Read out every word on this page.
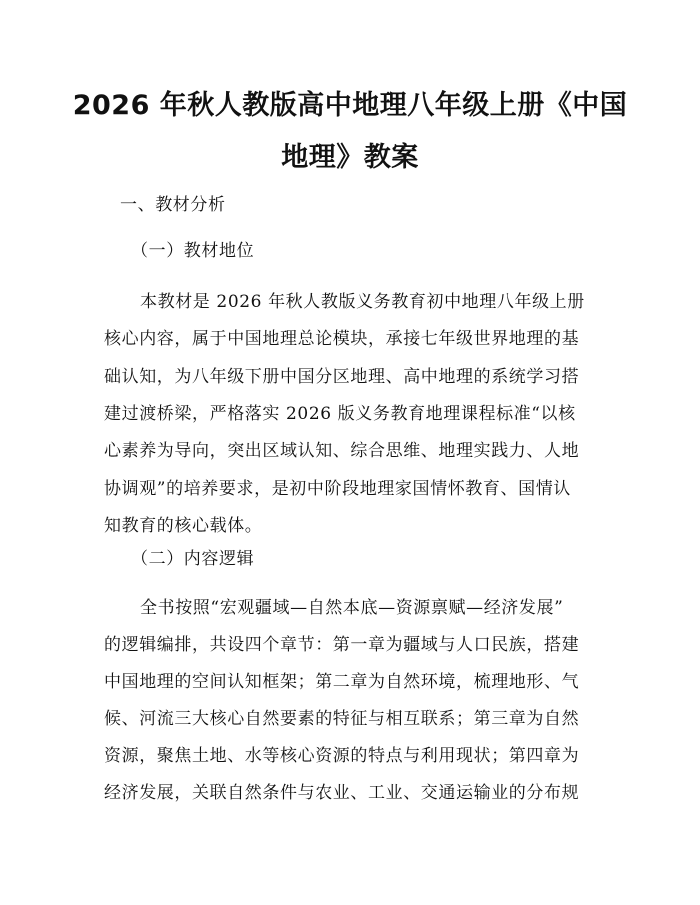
2026 年秋人教版高中地理八年级上册《中国
地理》教案
一、教材分析
（一）教材地位
本教材是 2026 年秋人教版义务教育初中地理八年级上册
核心内容，属于中国地理总论模块，承接七年级世界地理的基
础认知，为八年级下册中国分区地理、高中地理的系统学习搭
建过渡桥梁，严格落实 2026 版义务教育地理课程标准“以核
心素养为导向，突出区域认知、综合思维、地理实践力、人地
协调观”的培养要求，是初中阶段地理家国情怀教育、国情认
知教育的核心载体。
（二）内容逻辑
全书按照“宏观疆域—自然本底—资源禀赋—经济发展”
的逻辑编排，共设四个章节：第一章为疆域与人口民族，搭建
中国地理的空间认知框架；第二章为自然环境，梳理地形、气
候、河流三大核心自然要素的特征与相互联系；第三章为自然
资源，聚焦土地、水等核心资源的特点与利用现状；第四章为
经济发展，关联自然条件与农业、工业、交通运输业的分布规
